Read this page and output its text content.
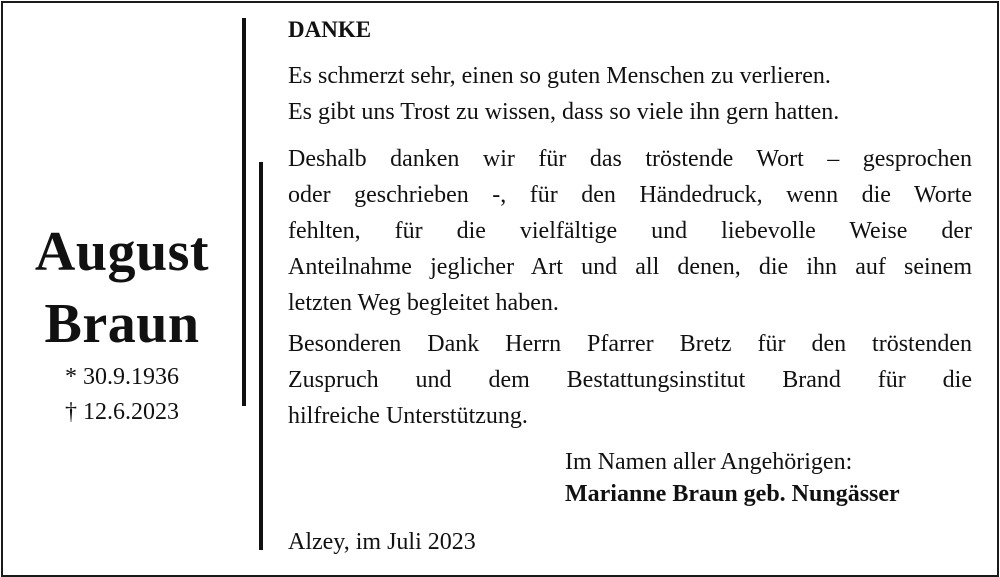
August
Braun
* 30.9.1936
† 12.6.2023
DANKE

Es schmerzt sehr, einen so guten Menschen zu verlieren.
Es gibt uns Trost zu wissen, dass so viele ihn gern hatten.

Deshalb danken wir für das tröstende Wort – gesprochen
oder geschrieben -, für den Händedruck, wenn die Worte
fehlten, für die vielfältige und liebevolle Weise der
Anteilnahme jeglicher Art und all denen, die ihn auf seinem
letzten Weg begleitet haben.

Besonderen Dank Herrn Pfarrer Bretz für den tröstenden
Zuspruch und dem Bestattungsinstitut Brand für die
hilfreiche Unterstützung.

Im Namen aller Angehörigen:
Marianne Braun geb. Nungässer
Alzey, im Juli 2023
